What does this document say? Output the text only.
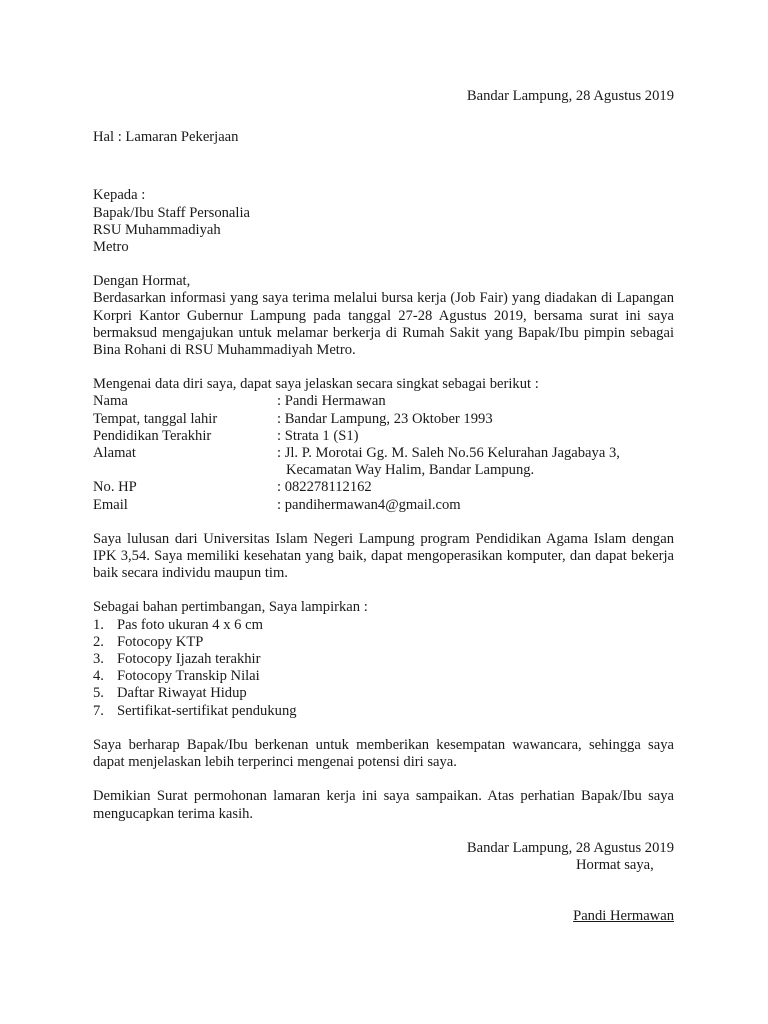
Bandar Lampung, 28 Agustus 2019
Hal : Lamaran Pekerjaan
Kepada :
Bapak/Ibu Staff Personalia
RSU Muhammadiyah
Metro
Dengan Hormat,
Berdasarkan informasi yang saya terima melalui bursa kerja (Job Fair) yang diadakan di Lapangan Korpri Kantor Gubernur Lampung pada tanggal 27-28 Agustus 2019, bersama surat ini saya bermaksud mengajukan untuk melamar berkerja di Rumah Sakit yang Bapak/Ibu pimpin sebagai Bina Rohani di RSU Muhammadiyah Metro.
Mengenai data diri saya, dapat saya jelaskan secara singkat sebagai berikut :
Nama	: Pandi Hermawan
Tempat, tanggal lahir	: Bandar Lampung, 23 Oktober 1993
Pendidikan Terakhir	: Strata 1 (S1)
Alamat	: Jl. P. Morotai Gg. M. Saleh No.56 Kelurahan Jagabaya 3,
Kecamatan Way Halim, Bandar Lampung.
No. HP	: 082278112162
Email	: pandihermawan4@gmail.com
Saya lulusan dari Universitas Islam Negeri Lampung program Pendidikan Agama Islam dengan IPK 3,54. Saya memiliki kesehatan yang baik, dapat mengoperasikan komputer, dan dapat bekerja baik secara individu maupun tim.
Sebagai bahan pertimbangan, Saya lampirkan :
1. Pas foto ukuran 4 x 6 cm
2. Fotocopy KTP
3. Fotocopy Ijazah terakhir
4. Fotocopy Transkip Nilai
5. Daftar Riwayat Hidup
7. Sertifikat-sertifikat pendukung
Saya berharap Bapak/Ibu berkenan untuk memberikan kesempatan wawancara, sehingga saya dapat menjelaskan lebih terperinci mengenai potensi diri saya.
Demikian Surat permohonan lamaran kerja ini saya sampaikan. Atas perhatian Bapak/Ibu saya mengucapkan terima kasih.
Bandar Lampung, 28 Agustus 2019
Hormat saya,
Pandi Hermawan
